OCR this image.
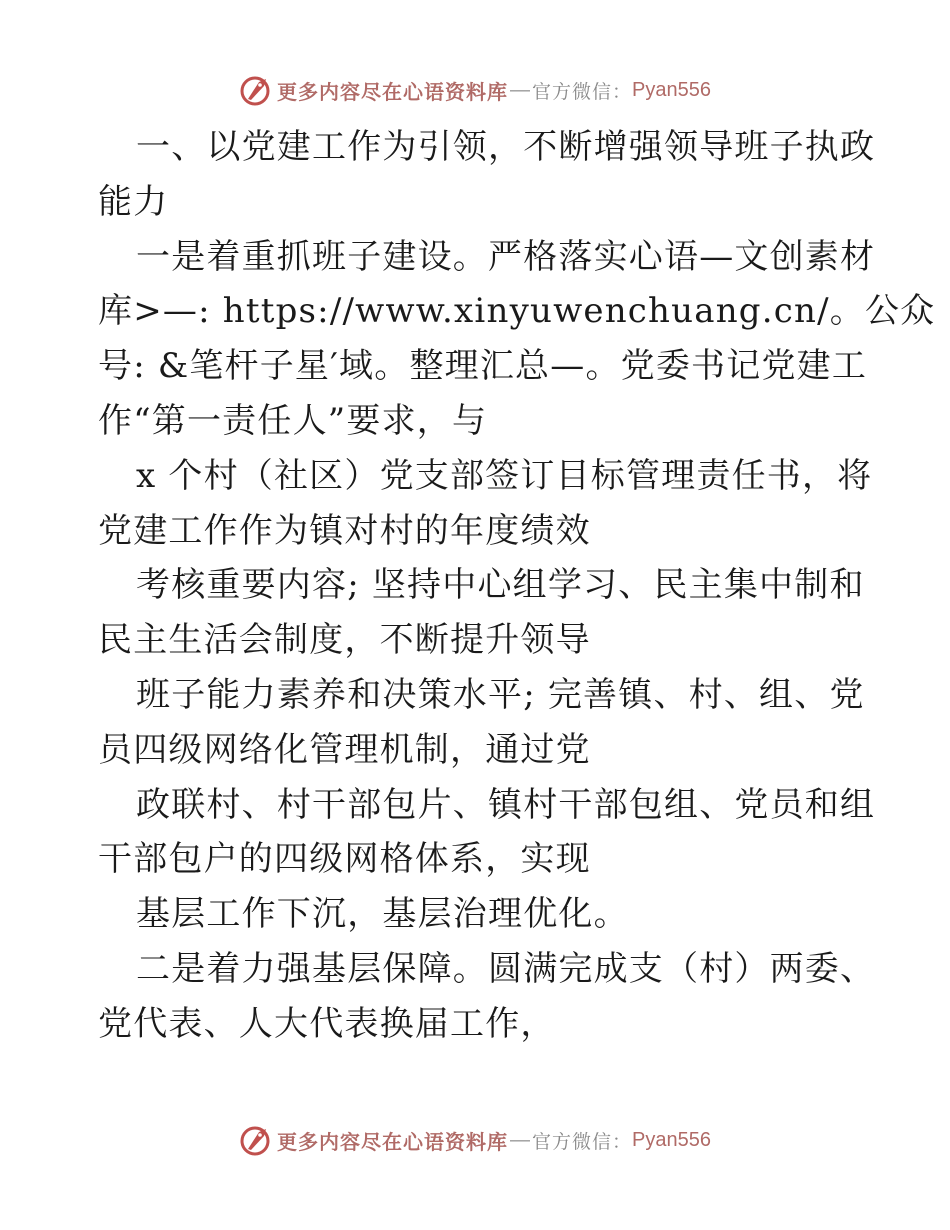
更多内容尽在心语资料库 — 官方微信： Pyan556
一、以党建工作为引领，不断增强领导班子执政
能力
一是着重抓班子建设。严格落实心语—文创素材
库>—: https://www.xinyuwenchuang.cn/。公众
号: &笔杆子星′域。整理汇总—。党委书记党建工
作“第一责任人”要求，与
x 个村（社区）党支部签订目标管理责任书，将
党建工作作为镇对村的年度绩效
考核重要内容; 坚持中心组学习、民主集中制和
民主生活会制度，不断提升领导
班子能力素养和决策水平; 完善镇、村、组、党
员四级网络化管理机制，通过党
政联村、村干部包片、镇村干部包组、党员和组
干部包户的四级网格体系，实现
基层工作下沉，基层治理优化。
二是着力强基层保障。圆满完成支（村）两委、
党代表、人大代表换届工作，
更多内容尽在心语资料库 — 官方微信： Pyan556
